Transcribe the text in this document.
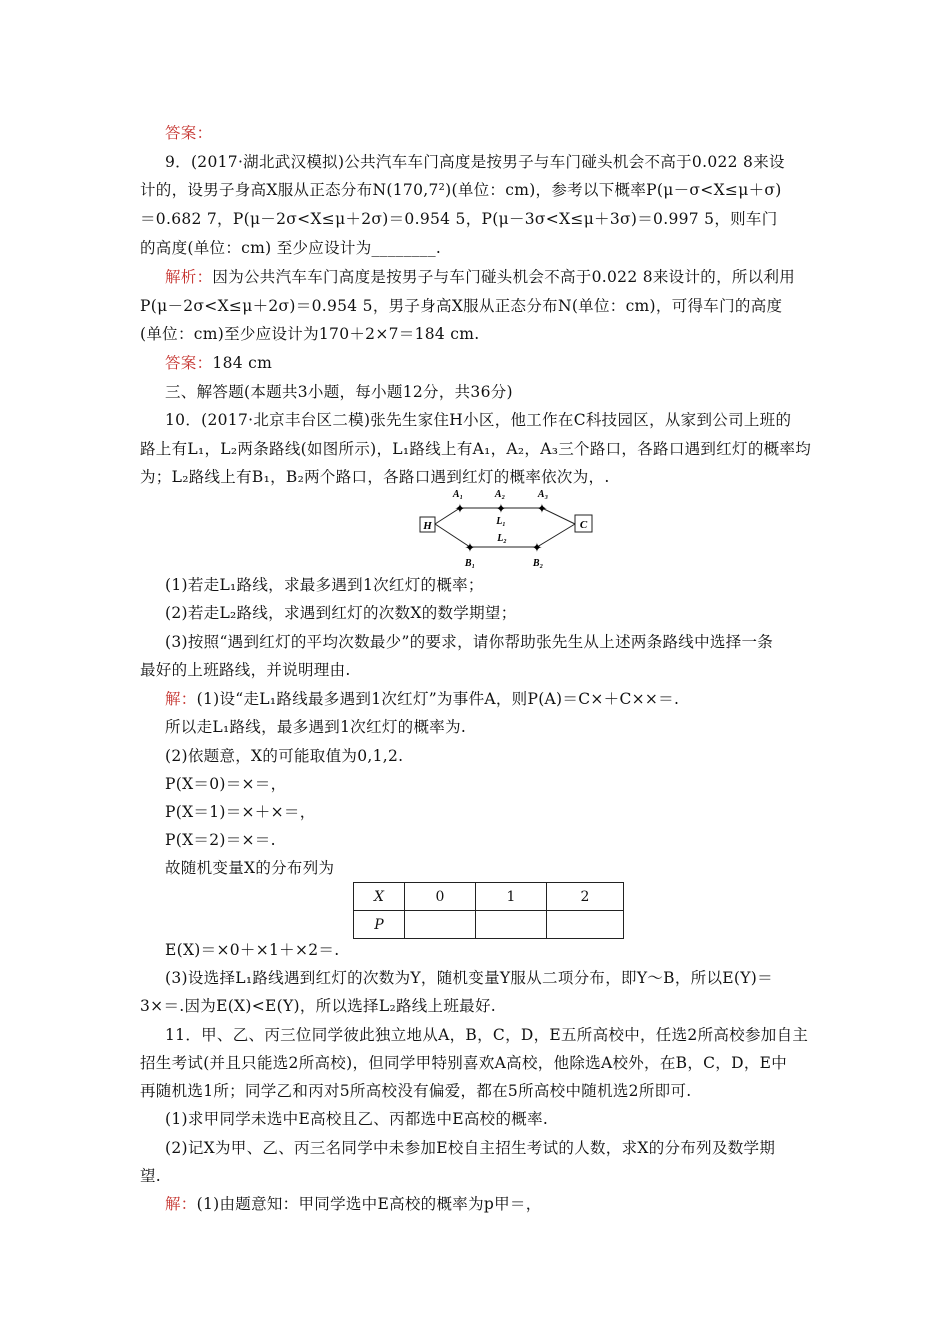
答案：
9．(2017·湖北武汉模拟)公共汽车车门高度是按男子与车门碰头机会不高于0.022 8来设
计的，设男子身高X服从正态分布N(170,7²)(单位：cm)，参考以下概率P(μ－σ<X≤μ＋σ)
＝0.682 7，P(μ－2σ<X≤μ＋2σ)＝0.954 5，P(μ－3σ<X≤μ＋3σ)＝0.997 5，则车门
的高度(单位：cm) 至少应设计为________.
解析：因为公共汽车车门高度是按男子与车门碰头机会不高于0.022 8来设计的，所以利用
P(μ－2σ<X≤μ＋2σ)＝0.954 5，男子身高X服从正态分布N(单位：cm)，可得车门的高度
(单位：cm)至少应设计为170＋2×7＝184 cm.
答案：184 cm
三、解答题(本题共3小题，每小题12分，共36分)
10．(2017·北京丰台区二模)张先生家住H小区，他工作在C科技园区，从家到公司上班的
路上有L₁，L₂两条路线(如图所示)，L₁路线上有A₁，A₂，A₃三个路口，各路口遇到红灯的概率均
为；L₂路线上有B₁，B₂两个路口，各路口遇到红灯的概率依次为，.
H	C
✦ ✦ ✦
✦	✦
A₁	A₂	A₃
L₁
L₂
B₁	B₂
(1)若走L₁路线，求最多遇到1次红灯的概率；
(2)若走L₂路线，求遇到红灯的次数X的数学期望；
(3)按照“遇到红灯的平均次数最少”的要求，请你帮助张先生从上述两条路线中选择一条
最好的上班路线，并说明理由.
解：(1)设“走L₁路线最多遇到1次红灯”为事件A，则P(A)＝C×＋C××＝.
所以走L₁路线，最多遇到1次红灯的概率为.
(2)依题意，X的可能取值为0,1,2.
P(X＝0)＝×＝，
P(X＝1)＝×＋×＝，
P(X＝2)＝×＝.
故随机变量X的分布列为
X	0	1	2
P			
E(X)＝×0＋×1＋×2＝.
(3)设选择L₁路线遇到红灯的次数为Y，随机变量Y服从二项分布，即Y～B，所以E(Y)＝
3×＝.因为E(X)<E(Y)，所以选择L₂路线上班最好.
11．甲、乙、丙三位同学彼此独立地从A，B，C，D，E五所高校中，任选2所高校参加自主
招生考试(并且只能选2所高校)，但同学甲特别喜欢A高校，他除选A校外，在B，C，D，E中
再随机选1所；同学乙和丙对5所高校没有偏爱，都在5所高校中随机选2所即可.
(1)求甲同学未选中E高校且乙、丙都选中E高校的概率.
(2)记X为甲、乙、丙三名同学中未参加E校自主招生考试的人数，求X的分布列及数学期
望.
解：(1)由题意知：甲同学选中E高校的概率为p甲＝，
